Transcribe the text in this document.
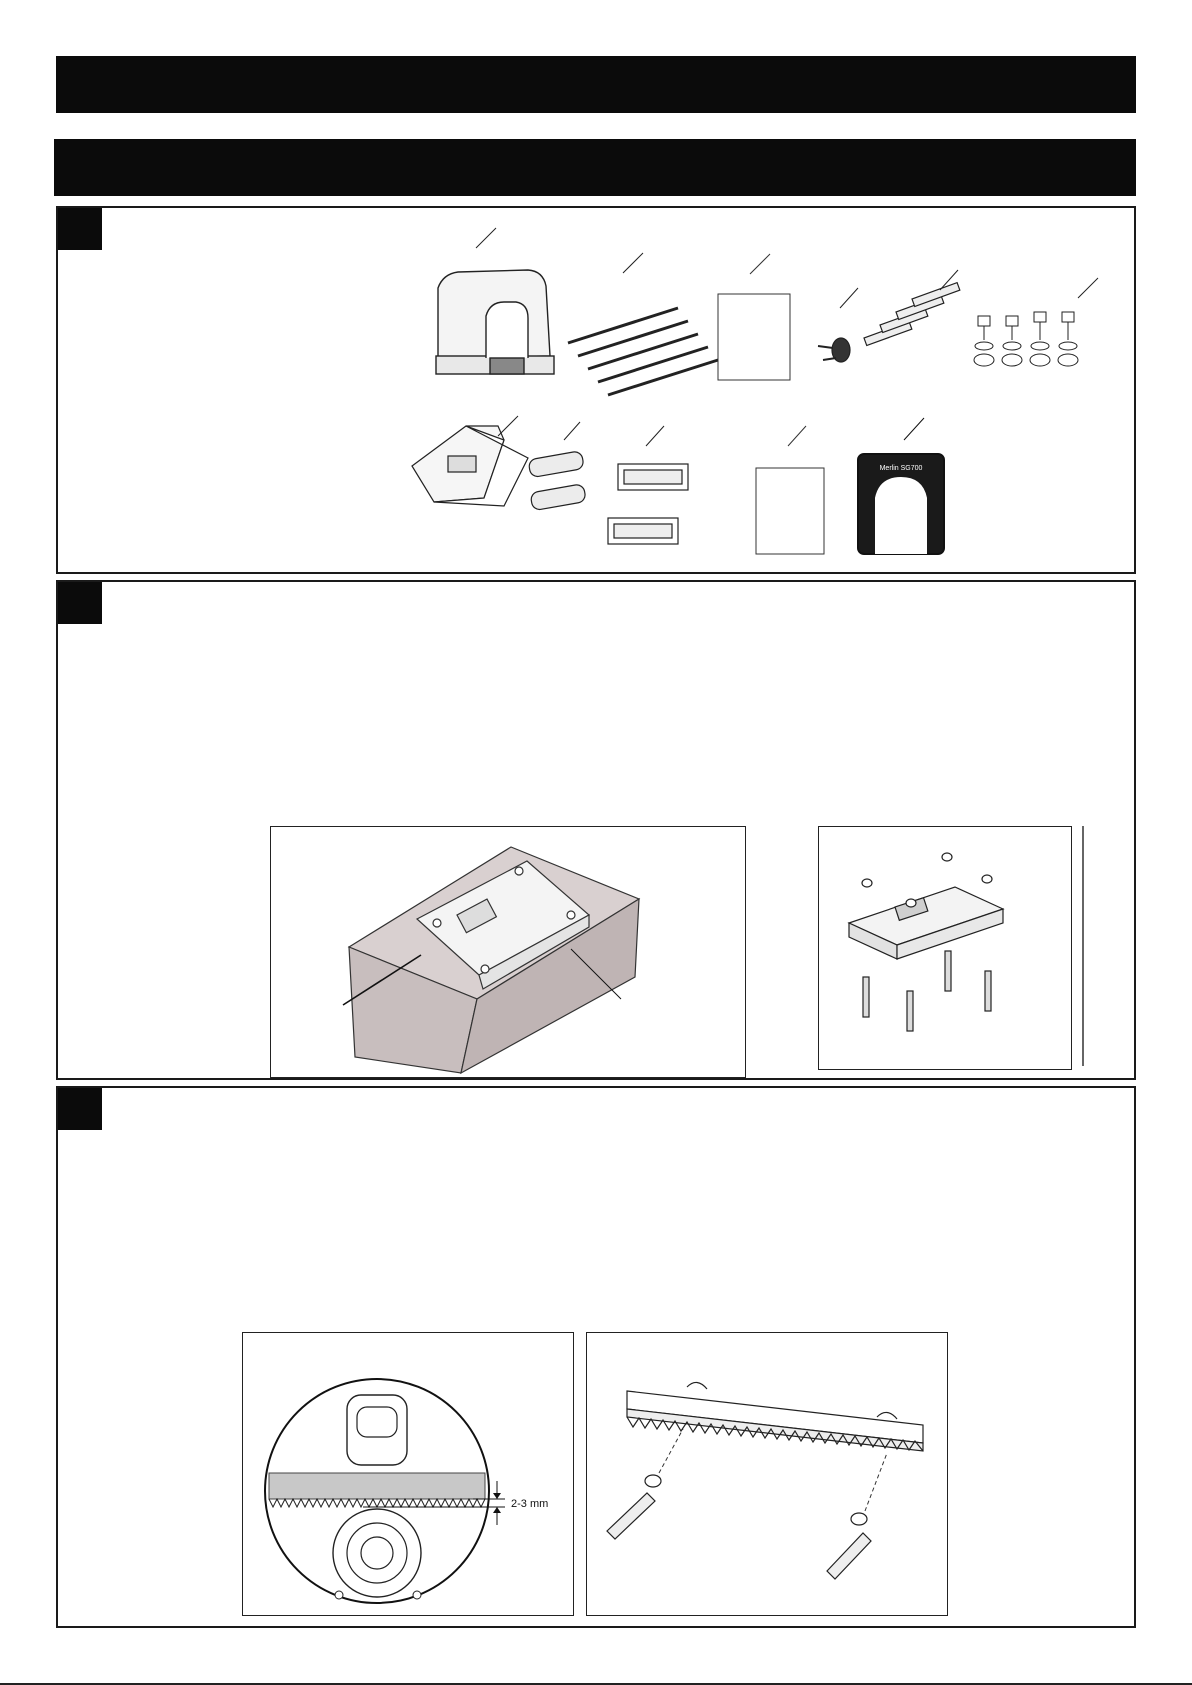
Merlin SG700
2-3 mm
